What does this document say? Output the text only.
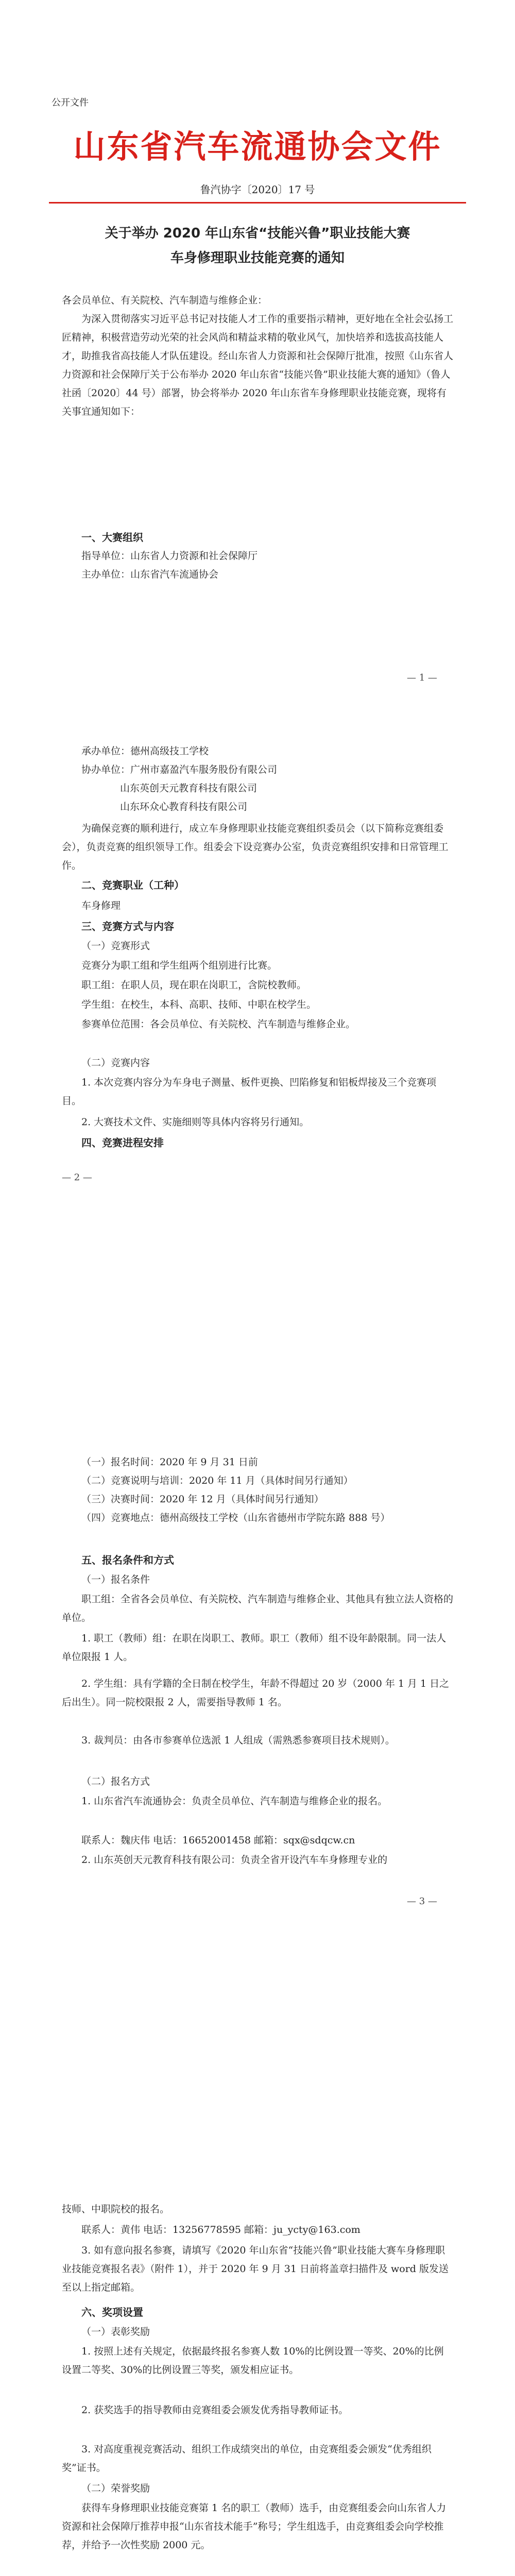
公开文件
山东省汽车流通协会文件
鲁汽协字〔2020〕17 号
关于举办 2020 年山东省“技能兴鲁”职业技能大赛
车身修理职业技能竞赛的通知

各会员单位、有关院校、汽车制造与维修企业：

为深入贯彻落实习近平总书记对技能人才工作的重要指示精神，更好地在全社会弘扬工匠精神，积极营造劳动光荣的社会风尚和精益求精的敬业风气，加快培养和选拔高技能人才，助推我省高技能人才队伍建设。经山东省人力资源和社会保障厅批准，按照《山东省人力资源和社会保障厅关于公布举办 2020 年山东省“技能兴鲁”职业技能大赛的通知》（鲁人社函〔2020〕44 号）部署，协会将举办 2020 年山东省车身修理职业技能竞赛，现将有关事宜通知如下：

一、大赛组织

指导单位：山东省人力资源和社会保障厅

主办单位：山东省汽车流通协会

— 1 —

承办单位：德州高级技工学校

协办单位：广州市嘉盈汽车服务股份有限公司

山东英创天元教育科技有限公司

山东环众心教育科技有限公司

为确保竞赛的顺利进行，成立车身修理职业技能竞赛组织委员会（以下简称竞赛组委会），负责竞赛的组织领导工作。组委会下设竞赛办公室，负责竞赛组织安排和日常管理工作。

二、竞赛职业（工种）

车身修理

三、竞赛方式与内容

（一）竞赛形式

竞赛分为职工组和学生组两个组别进行比赛。

职工组：在职人员，现在职在岗职工，含院校教师。

学生组：在校生，本科、高职、技师、中职在校学生。

参赛单位范围：各会员单位、有关院校、汽车制造与维修企业。

（二）竞赛内容

1. 本次竞赛内容分为车身电子测量、板件更换、凹陷修复和铝板焊接及三个竞赛项目。

2. 大赛技术文件、实施细则等具体内容将另行通知。

四、竞赛进程安排

— 2 —

（一）报名时间：2020 年 9 月 31 日前

（二）竞赛说明与培训：2020 年 11 月（具体时间另行通知）

（三）决赛时间：2020 年 12 月（具体时间另行通知）

（四）竞赛地点：德州高级技工学校（山东省德州市学院东路 888 号）

五、报名条件和方式

（一）报名条件

职工组：全省各会员单位、有关院校、汽车制造与维修企业、其他具有独立法人资格的单位。

1. 职工（教师）组：在职在岗职工、教师。职工（教师）组不设年龄限制。同一法人单位限报 1 人。

2. 学生组：具有学籍的全日制在校学生，年龄不得超过 20 岁（2000 年 1 月 1 日之后出生）。同一院校限报 2 人，需要指导教师 1 名。

3. 裁判员：由各市参赛单位选派 1 人组成（需熟悉参赛项目技术规则）。

（二）报名方式

1. 山东省汽车流通协会：负责全员单位、汽车制造与维修企业的报名。

联系人：魏庆伟 电话：16652001458 邮箱：sqx@sdqcw.cn

2. 山东英创天元教育科技有限公司：负责全省开设汽车车身修理专业的

— 3 —

技师、中职院校的报名。

联系人：黄伟 电话：13256778595 邮箱：ju_ycty@163.com

3. 如有意向报名参赛，请填写《2020 年山东省“技能兴鲁”职业技能大赛车身修理职业技能竞赛报名表》（附件 1），并于 2020 年 9 月 31 日前将盖章扫描件及 word 版发送至以上指定邮箱。

六、奖项设置

（一）表彰奖励

1. 按照上述有关规定，依据最终报名参赛人数 10%的比例设置一等奖、20%的比例设置二等奖、30%的比例设置三等奖，颁发相应证书。

2. 获奖选手的指导教师由竞赛组委会颁发优秀指导教师证书。

3. 对高度重视竞赛活动、组织工作成绩突出的单位，由竞赛组委会颁发“优秀组织奖”证书。

（二）荣誉奖励

获得车身修理职业技能竞赛第 1 名的职工（教师）选手，由竞赛组委会向山东省人力资源和社会保障厅推荐申报“山东省技术能手”称号；学生组选手，由竞赛组委会向学校推荐，并给予一次性奖励 2000 元。
